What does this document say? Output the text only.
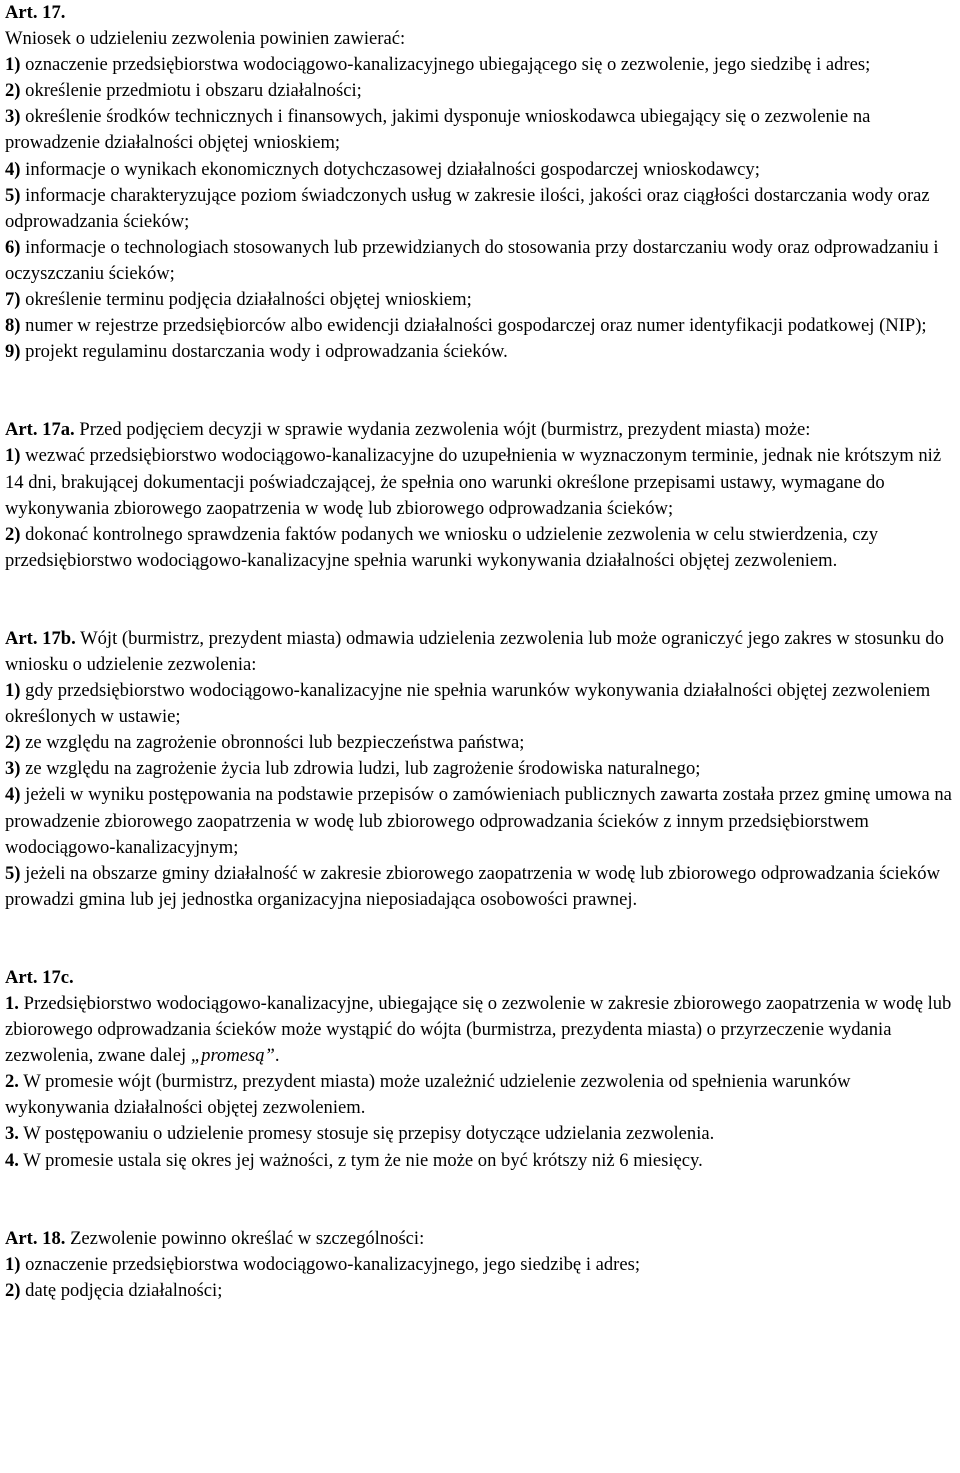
Art. 17.
Wniosek o udzieleniu zezwolenia powinien zawierać:
1) oznaczenie przedsiębiorstwa wodociągowo-kanalizacyjnego ubiegającego się o zezwolenie, jego siedzibę i adres;
2) określenie przedmiotu i obszaru działalności;
3) określenie środków technicznych i finansowych, jakimi dysponuje wnioskodawca ubiegający się o zezwolenie na prowadzenie działalności objętej wnioskiem;
4) informacje o wynikach ekonomicznych dotychczasowej działalności gospodarczej wnioskodawcy;
5) informacje charakteryzujące poziom świadczonych usług w zakresie ilości, jakości oraz ciągłości dostarczania wody oraz odprowadzania ścieków;
6) informacje o technologiach stosowanych lub przewidzianych do stosowania przy dostarczaniu wody oraz odprowadzaniu i oczyszczaniu ścieków;
7) określenie terminu podjęcia działalności objętej wnioskiem;
8) numer w rejestrze przedsiębiorców albo ewidencji działalności gospodarczej oraz numer identyfikacji podatkowej (NIP);
9) projekt regulaminu dostarczania wody i odprowadzania ścieków.
Art. 17a. Przed podjęciem decyzji w sprawie wydania zezwolenia wójt (burmistrz, prezydent miasta) może:
1) wezwać przedsiębiorstwo wodociągowo-kanalizacyjne do uzupełnienia w wyznaczonym terminie, jednak nie krótszym niż 14 dni, brakującej dokumentacji poświadczającej, że spełnia ono warunki określone przepisami ustawy, wymagane do wykonywania zbiorowego zaopatrzenia w wodę lub zbiorowego odprowadzania ścieków;
2) dokonać kontrolnego sprawdzenia faktów podanych we wniosku o udzielenie zezwolenia w celu stwierdzenia, czy przedsiębiorstwo wodociągowo-kanalizacyjne spełnia warunki wykonywania działalności objętej zezwoleniem.
Art. 17b. Wójt (burmistrz, prezydent miasta) odmawia udzielenia zezwolenia lub może ograniczyć jego zakres w stosunku do wniosku o udzielenie zezwolenia:
1) gdy przedsiębiorstwo wodociągowo-kanalizacyjne nie spełnia warunków wykonywania działalności objętej zezwoleniem określonych w ustawie;
2) ze względu na zagrożenie obronności lub bezpieczeństwa państwa;
3) ze względu na zagrożenie życia lub zdrowia ludzi, lub zagrożenie środowiska naturalnego;
4) jeżeli w wyniku postępowania na podstawie przepisów o zamówieniach publicznych zawarta została przez gminę umowa na prowadzenie zbiorowego zaopatrzenia w wodę lub zbiorowego odprowadzania ścieków z innym przedsiębiorstwem wodociągowo-kanalizacyjnym;
5) jeżeli na obszarze gminy działalność w zakresie zbiorowego zaopatrzenia w wodę lub zbiorowego odprowadzania ścieków prowadzi gmina lub jej jednostka organizacyjna nieposiadająca osobowości prawnej.
Art. 17c.
1. Przedsiębiorstwo wodociągowo-kanalizacyjne, ubiegające się o zezwolenie w zakresie zbiorowego zaopatrzenia w wodę lub zbiorowego odprowadzania ścieków może wystąpić do wójta (burmistrza, prezydenta miasta) o przyrzeczenie wydania zezwolenia, zwane dalej „promesą”.
2. W promesie wójt (burmistrz, prezydent miasta) może uzależnić udzielenie zezwolenia od spełnienia warunków wykonywania działalności objętej zezwoleniem.
3. W postępowaniu o udzielenie promesy stosuje się przepisy dotyczące udzielania zezwolenia.
4. W promesie ustala się okres jej ważności, z tym że nie może on być krótszy niż 6 miesięcy.
Art. 18. Zezwolenie powinno określać w szczególności:
1) oznaczenie przedsiębiorstwa wodociągowo-kanalizacyjnego, jego siedzibę i adres;
2) datę podjęcia działalności;
